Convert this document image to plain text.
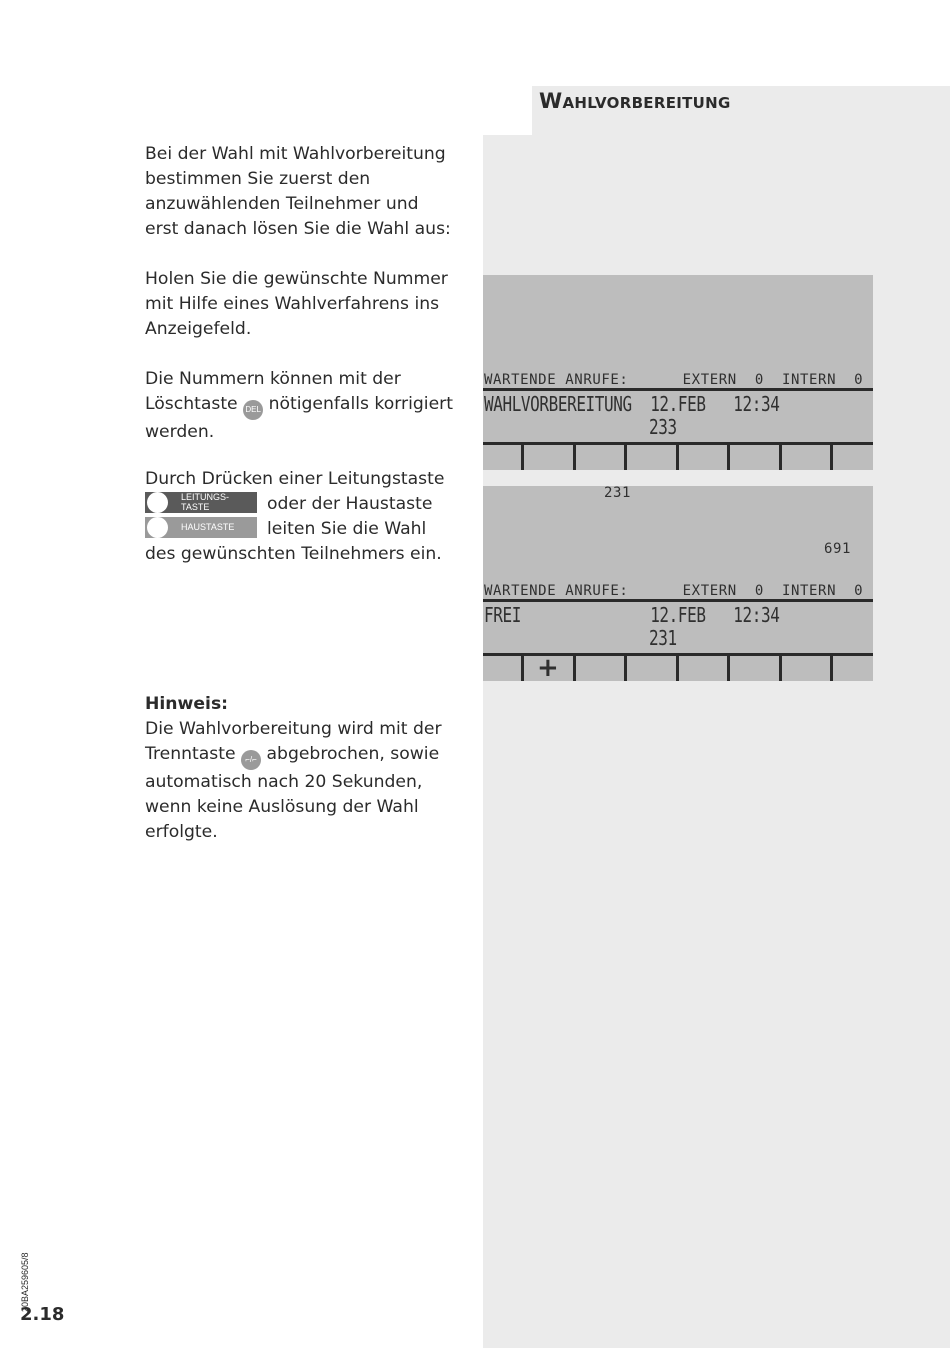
Wahlvorbereitung

Bei der Wahl mit Wahlvorbereitung bestimmen Sie zuerst den anzuwählenden Teilnehmer und erst danach lösen Sie die Wahl aus:

Holen Sie die gewünschte Nummer mit Hilfe eines Wahlverfahrens ins Anzeigefeld.

Die Nummern können mit der Löschtaste DEL nötigenfalls korrigiert werden.

Durch Drücken einer Leitungstaste

oder der Haustaste

leiten Sie die Wahl

des gewünschten Teilnehmers ein.

LEITUNGS-
TASTE
HAUSTASTE

Hinweis:
Die Wahlvorbereitung wird mit der Trenntaste ⌐/⌐ abgebrochen, sowie automatisch nach 20 Sekunden, wenn keine Auslösung der Wahl erfolgte.

WARTENDE ANRUFE:      EXTERN  0  INTERN  0
WAHLVORBEREITUNG  12.FEB   12:34
233
231
691
WARTENDE ANRUFE:      EXTERN  0  INTERN  0
FREI              12.FEB   12:34
231
+
20BA259605/8
2.18
